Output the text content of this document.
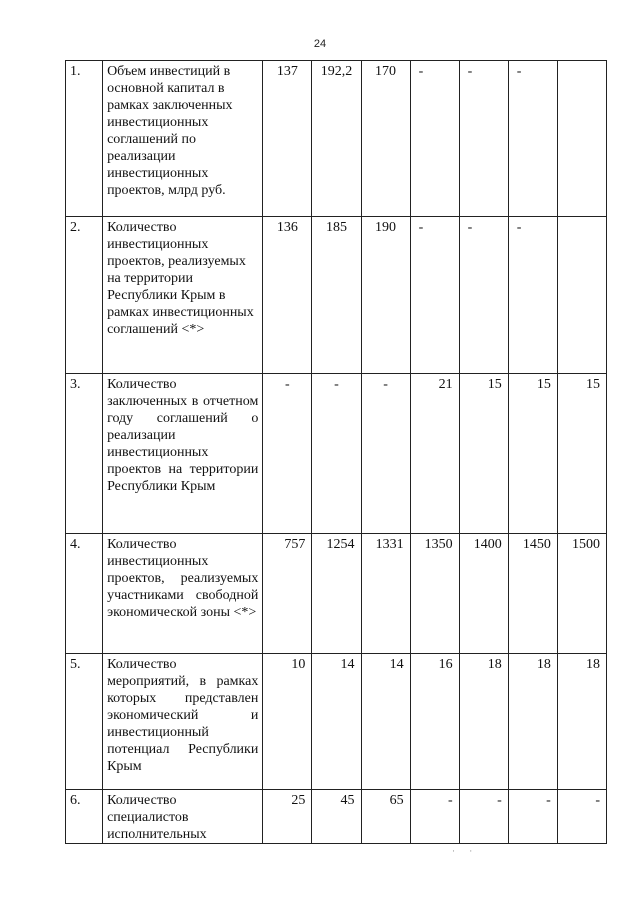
24
1.	Объем инвестиций в основной капитал в рамках заключенных инвестиционных соглашений по реализации инвестиционных проектов, млрд руб.	137	192,2	170	-	-	-	
2.	Количество инвестиционных проектов, реализуемых на территории Республики Крым в рамках инвестиционных соглашений <*>	136	185	190	-	-	-	
3.	Количество заключенных в отчетном году соглашений о реализации инвестиционных проектов на территории Республики Крым	-	-	-	21	15	15	15
4.	Количество инвестиционных проектов, реализуемых участниками свободной экономической зоны <*>	757	1254	1331	1350	1400	1450	1500
5.	Количество мероприятий, в рамках которых представлен экономический и инвестиционный потенциал Республики Крым	10	14	14	16	18	18	18
6.	Количество специалистов исполнительных	25	45	65	-	-	-	-
· ·
